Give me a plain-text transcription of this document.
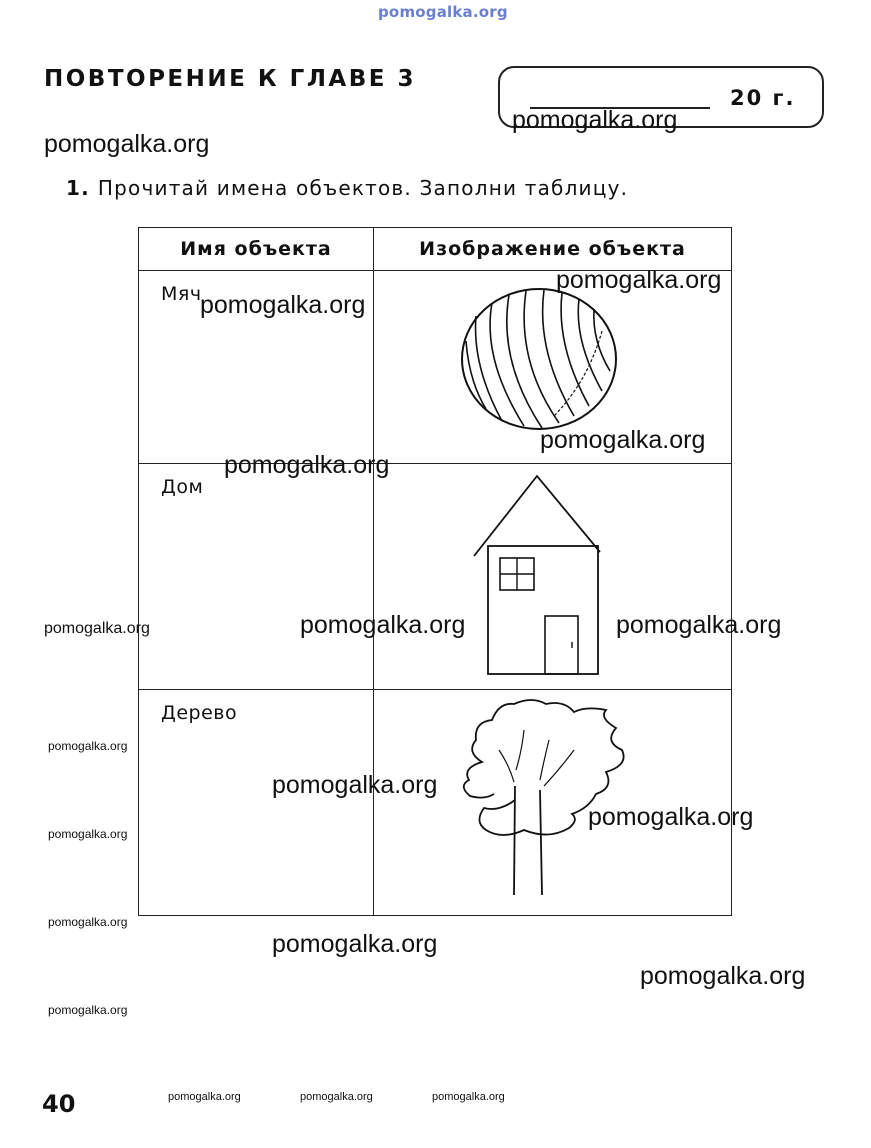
pomogalka.org
ПОВТОРЕНИЕ К ГЛАВЕ 3
20 г.
1. Прочитай имена объектов. Заполни таблицу.
Имя объекта	Изображение объекта
Мяч	

Дом	

Дерево	
pomogalka.org
pomogalka.org
pomogalka.org
pomogalka.org
pomogalka.org
pomogalka.org
pomogalka.org	pomogalka.org
pomogalka.org
pomogalka.org
pomogalka.org
pomogalka.org
pomogalka.org
pomogalka.org
pomogalka.org
pomogalka.org
pomogalka.org
pomogalka.org	pomogalka.org	pomogalka.org
40
